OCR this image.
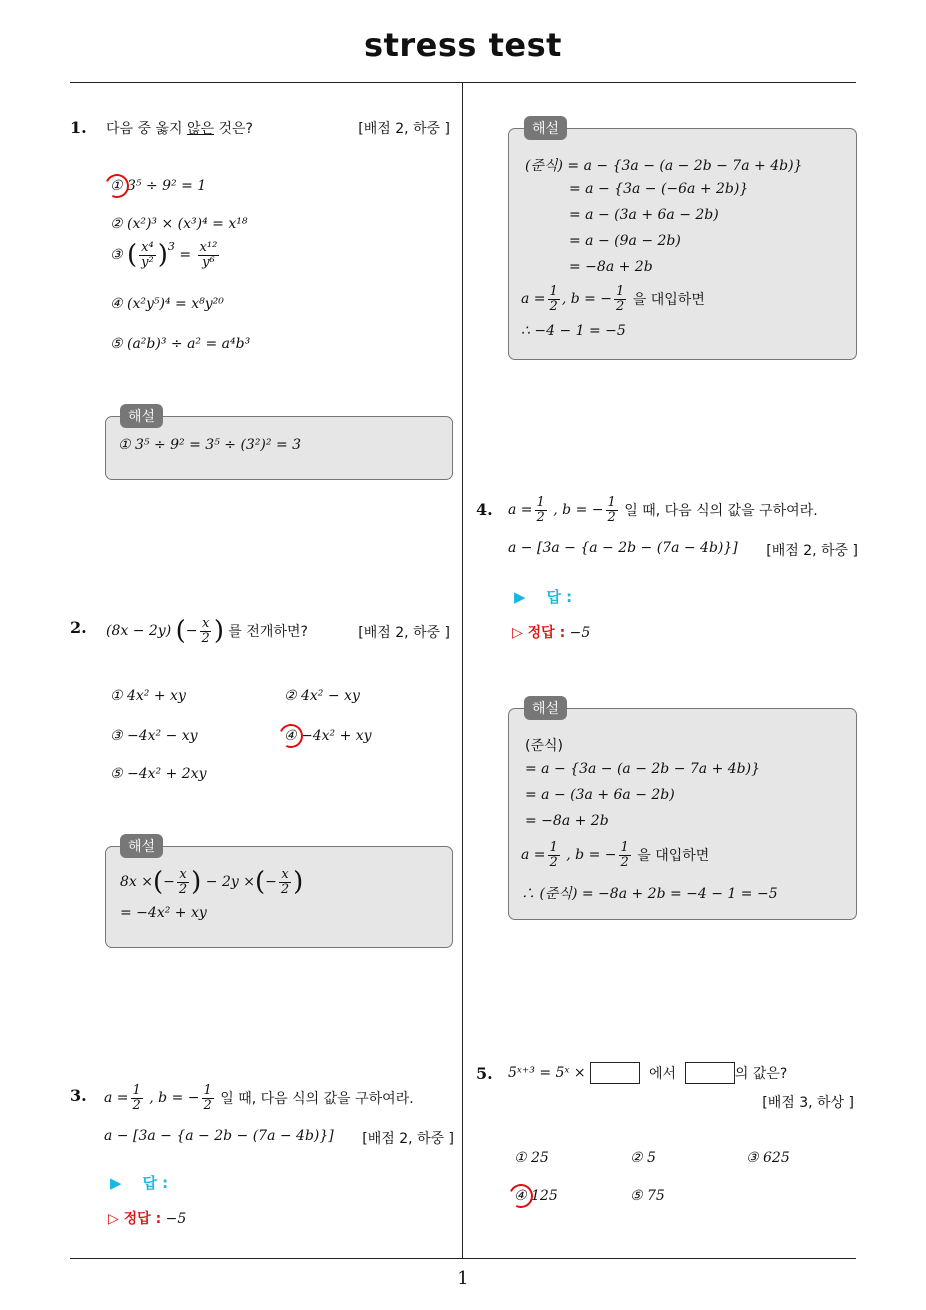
stress test
1
1. 다음 중 옳지 않은 것은?	[배점 2, 하중 ]
① 3⁵ ÷ 9² = 1
② (x²)³ × (x³)⁴ = x¹⁸
③
( $\frac{\text{x⁴}}{\text{y²}} )^3$
= $\frac{\text{x¹²}}{\text{y⁶}}$
④ (x²y⁵)⁴ = x⁸y²⁰
⑤ (a²b)³ ÷ a² = a⁴b³
① 3⁵ ÷ 9² = 3⁵ ÷ (3²)² = 3
해설
2. (8x − 2y)
( − $\frac{x}{2}$ )
를 전개하면?	[배점 2, 하중 ]
① 4x² + xy	② 4x² − xy
③ −4x² − xy	④ −4x² + xy
⑤ −4x² + 2xy
8x × ( − $\frac{x}{2}$ )
− 2y × ( − $\frac{x}{2}$ )
= −4x² + xy
해설
3. $a = \frac{1}{2}$
, b = − $\frac{1}{2}$
일 때, 다음 식의 값을 구하여라.
a − [3a − {a − 2b − (7a − 4b)}] [배점 2, 하중 ]
▶    답 :
▷ 정답 : −5
(준식) = a − {3a − (a − 2b − 7a + 4b)}
= a − {3a − (−6a + 2b)}
= a − (3a + 6a − 2b)
= a − (9a − 2b)
= −8a + 2b
$a = \frac{1}{2}$ , b = − $\frac{1}{2}$
을 대입하면
∴ −4 − 1 = −5
해설
4. $a = \frac{1}{2}$
, b = − $\frac{1}{2}$
일 때, 다음 식의 값을 구하여라.
a − [3a − {a − 2b − (7a − 4b)}] [배점 2, 하중 ]
▶    답 :
▷ 정답 : −5
(준식)
= a − {3a − (a − 2b − 7a + 4b)}
= a − (3a + 6a − 2b)
= −8a + 2b
$a = \frac{1}{2}$ , b = − $\frac{1}{2}$
을 대입하면
∴ (준식) = −8a + 2b = −4 − 1 = −5
해설
5. 5ˣ⁺³ = 5ˣ ×

	에서
	의 값은?
[배점 3, 하상 ]
① 25	② 5	③ 625
④ 125	⑤ 75
